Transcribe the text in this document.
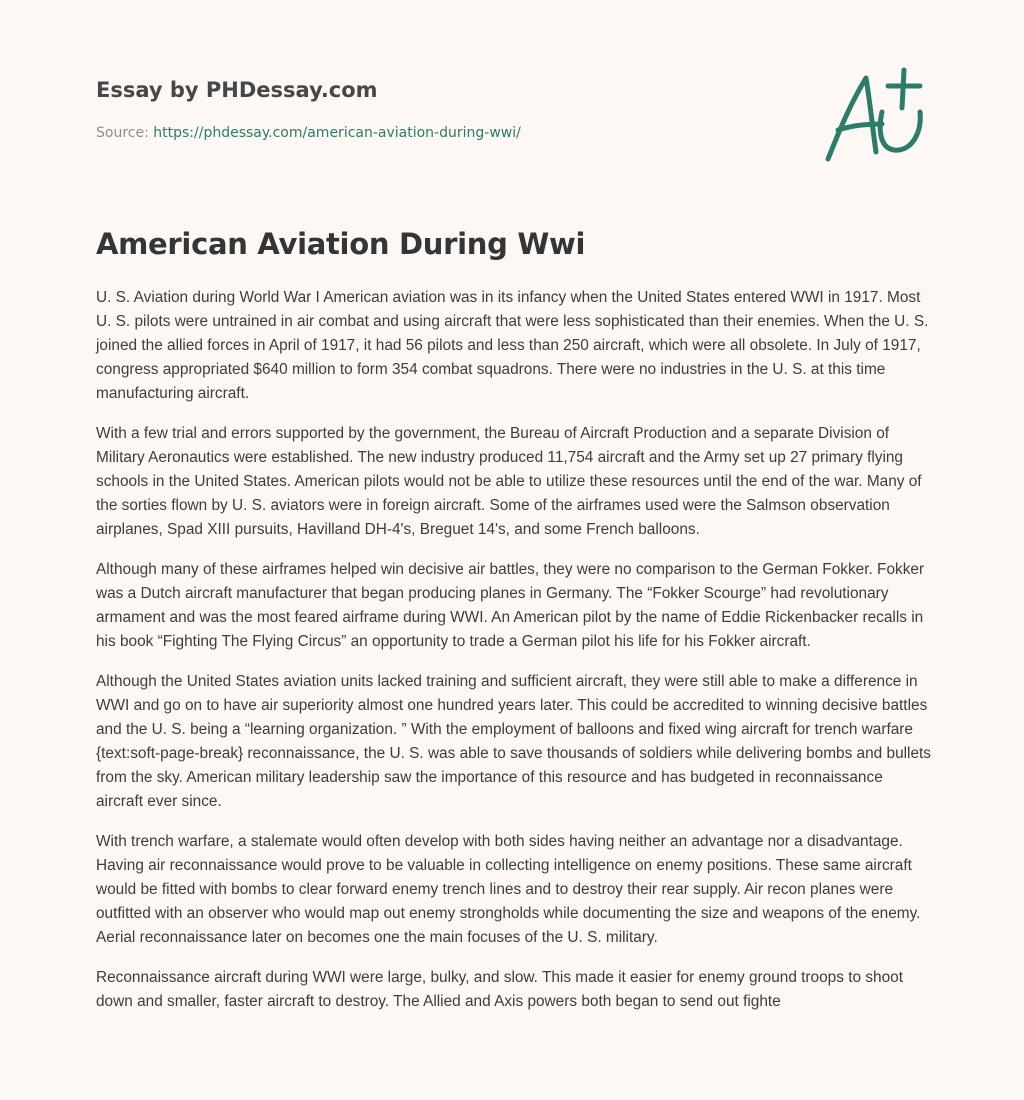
Essay by PHDessay.com

Source: https://phdessay.com/american-aviation-during-wwi/

American Aviation During Wwi

U. S. Aviation during World War I American aviation was in its infancy when the United States entered WWI in 1917. Most U. S. pilots were untrained in air combat and using aircraft that were less sophisticated than their enemies. When the U. S. joined the allied forces in April of 1917, it had 56 pilots and less than 250 aircraft, which were all obsolete. In July of 1917, congress appropriated $640 million to form 354 combat squadrons. There were no industries in the U. S. at this time manufacturing aircraft.

With a few trial and errors supported by the government, the Bureau of Aircraft Production and a separate Division of Military Aeronautics were established. The new industry produced 11,754 aircraft and the Army set up 27 primary flying schools in the United States. American pilots would not be able to utilize these resources until the end of the war. Many of the sorties flown by U. S. aviators were in foreign aircraft. Some of the airframes used were the Salmson observation airplanes, Spad XIII pursuits, Havilland DH-4's, Breguet 14's, and some French balloons.

Although many of these airframes helped win decisive air battles, they were no comparison to the German Fokker. Fokker was a Dutch aircraft manufacturer that began producing planes in Germany. The “Fokker Scourge” had revolutionary armament and was the most feared airframe during WWI. An American pilot by the name of Eddie Rickenbacker recalls in his book “Fighting The Flying Circus” an opportunity to trade a German pilot his life for his Fokker aircraft.

Although the United States aviation units lacked training and sufficient aircraft, they were still able to make a difference in WWI and go on to have air superiority almost one hundred years later. This could be accredited to winning decisive battles and the U. S. being a “learning organization. ” With the employment of balloons and fixed wing aircraft for trench warfare {text:soft-page-break} reconnaissance, the U. S. was able to save thousands of soldiers while delivering bombs and bullets from the sky. American military leadership saw the importance of this resource and has budgeted in reconnaissance aircraft ever since.

With trench warfare, a stalemate would often develop with both sides having neither an advantage nor a disadvantage. Having air reconnaissance would prove to be valuable in collecting intelligence on enemy positions. These same aircraft would be fitted with bombs to clear forward enemy trench lines and to destroy their rear supply. Air recon planes were outfitted with an observer who would map out enemy strongholds while documenting the size and weapons of the enemy. Aerial reconnaissance later on becomes one the main focuses of the U. S. military.

Reconnaissance aircraft during WWI were large, bulky, and slow. This made it easier for enemy ground troops to shoot down and smaller, faster aircraft to destroy. The Allied and Axis powers both began to send out fighte
